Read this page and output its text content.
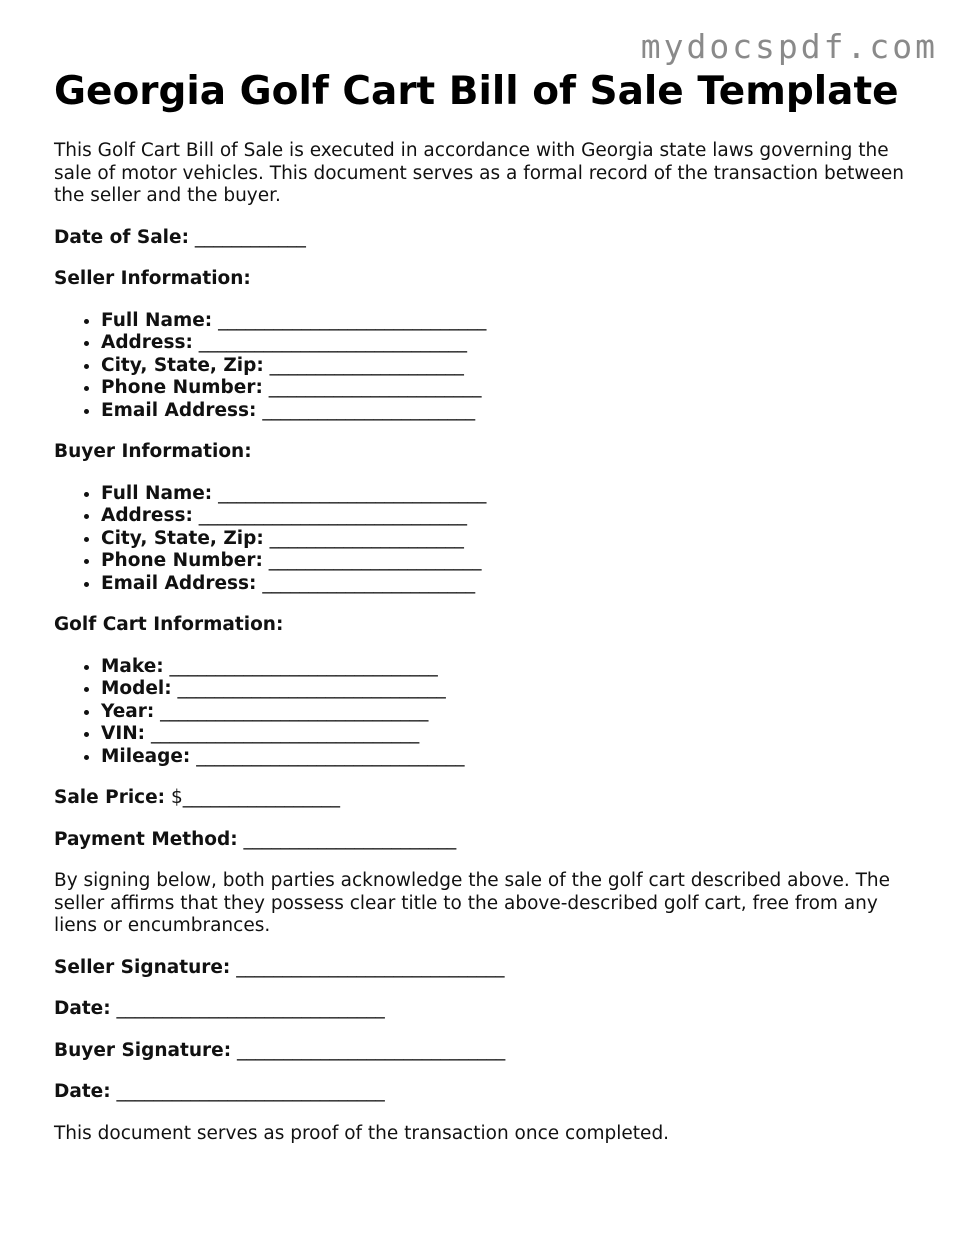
mydocspdf.com
Georgia Golf Cart Bill of Sale Template

This Golf Cart Bill of Sale is executed in accordance with Georgia state laws governing the sale of motor vehicles. This document serves as a formal record of the transaction between the seller and the buyer.

Date of Sale: ____________
Seller Information:
• Full Name: _____________________________
• Address: _____________________________
• City, State, Zip: _____________________
• Phone Number: _______________________
• Email Address: _______________________
Buyer Information:
• Full Name: _____________________________
• Address: _____________________________
• City, State, Zip: _____________________
• Phone Number: _______________________
• Email Address: _______________________
Golf Cart Information:
• Make: _____________________________
• Model: _____________________________
• Year: _____________________________
• VIN: _____________________________
• Mileage: _____________________________
Sale Price: $_________________
Payment Method: _______________________

By signing below, both parties acknowledge the sale of the golf cart described above. The seller affirms that they possess clear title to the above-described golf cart, free from any liens or encumbrances.

Seller Signature: _____________________________
Date: _____________________________
Buyer Signature: _____________________________
Date: _____________________________

This document serves as proof of the transaction once completed.
